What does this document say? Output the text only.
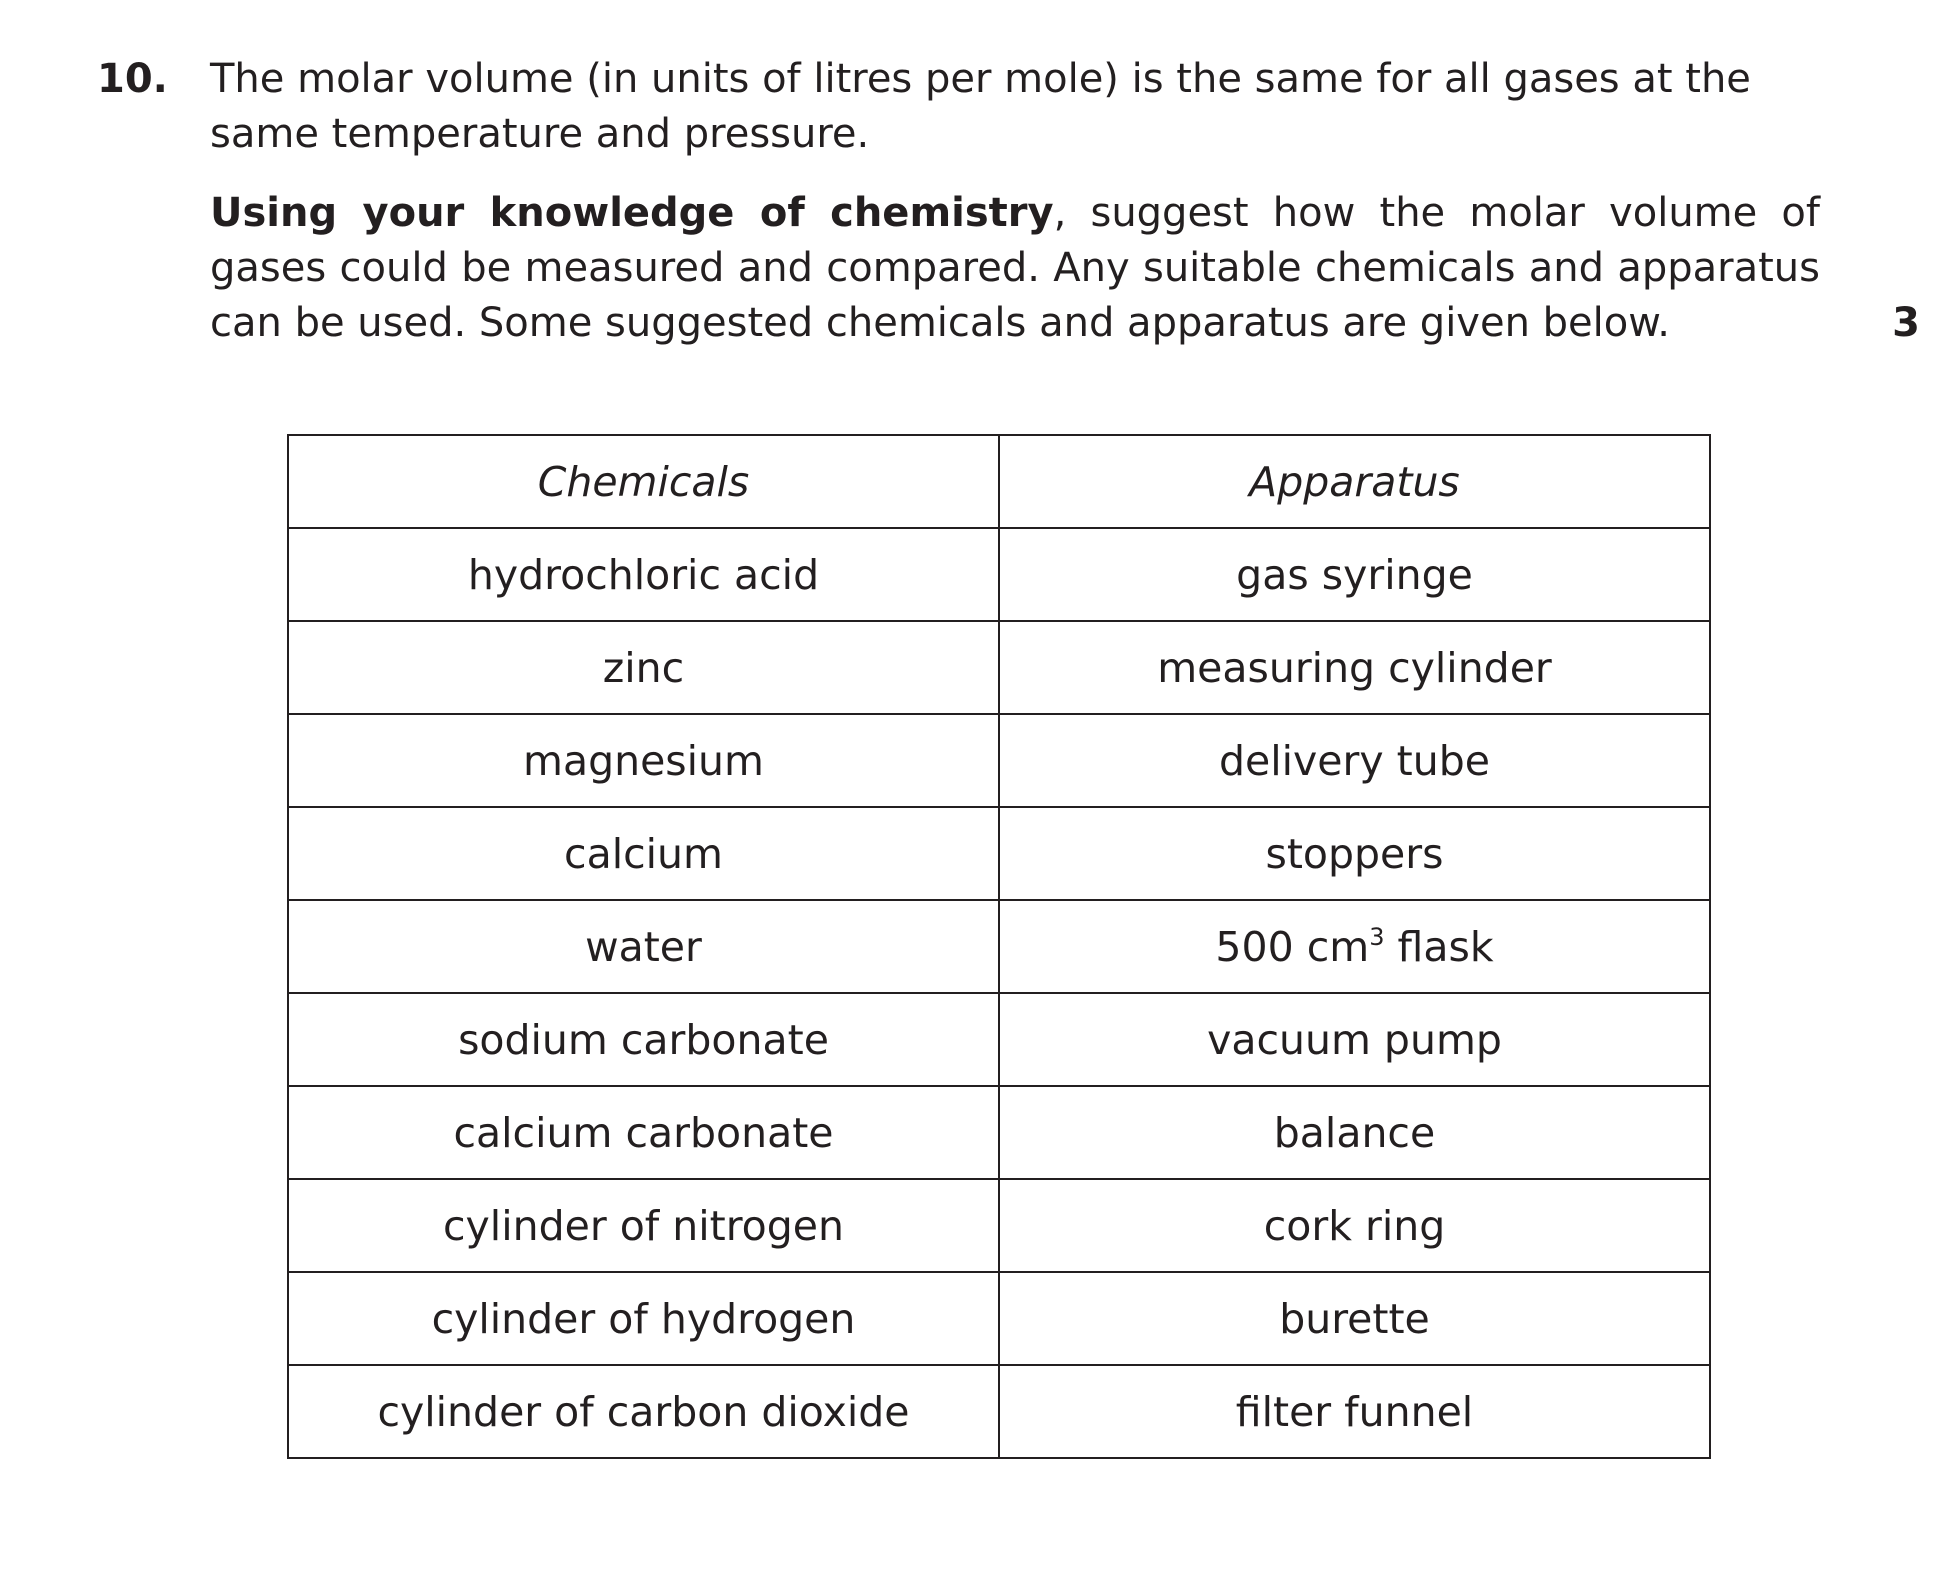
10. The molar volume (in units of litres per mole) is the same for all gases at the same temperature and pressure.

Using your knowledge of chemistry, suggest how the molar volume of gases could be measured and compared. Any suitable chemicals and apparatus can be used. Some suggested chemicals and apparatus are given below.	3
Chemicals	Apparatus
hydrochloric acid	gas syringe
zinc	measuring cylinder
magnesium	delivery tube
calcium	stoppers
water	500 $cm^3$ flask
sodium carbonate	vacuum pump
calcium carbonate	balance
cylinder of nitrogen	cork ring
cylinder of hydrogen	burette
cylinder of carbon dioxide	filter funnel
